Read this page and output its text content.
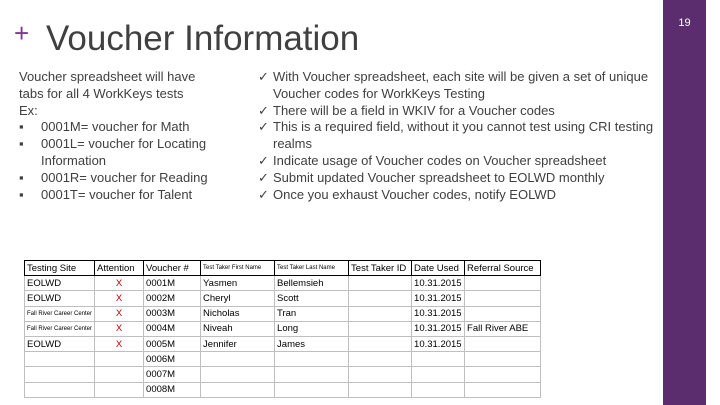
19
+ Voucher Information
Voucher spreadsheet will have
tabs for all 4 WorkKeys tests
Ex:
▪ 0001M= voucher for Math
▪ 0001L= voucher for Locating Information
▪ 0001R= voucher for Reading
▪ 0001T= voucher for Talent
✓ With Voucher spreadsheet, each site will be given a set of unique Voucher codes for WorkKeys Testing
✓ There will be a field in WKIV for a Voucher codes
✓ This is a required field, without it you cannot test using CRI testing realms
✓ Indicate usage of Voucher codes on Voucher spreadsheet
✓ Submit updated Voucher spreadsheet to EOLWD monthly
✓ Once you exhaust Voucher codes, notify EOLWD
Testing Site	Attention	Voucher #	Test Taker First Name	Test Taker Last Name	Test Taker ID	Date Used	Referral Source
EOLWD	X	0001M	Yasmen	Bellemsieh		10.31.2015	
EOLWD	X	0002M	Cheryl	Scott		10.31.2015	
Fall River Career Center	X	0003M	Nicholas	Tran		10.31.2015	
Fall River Career Center	X	0004M	Niveah	Long		10.31.2015	Fall River ABE
EOLWD	X	0005M	Jennifer	James		10.31.2015	
		0006M					
		0007M					
		0008M					
